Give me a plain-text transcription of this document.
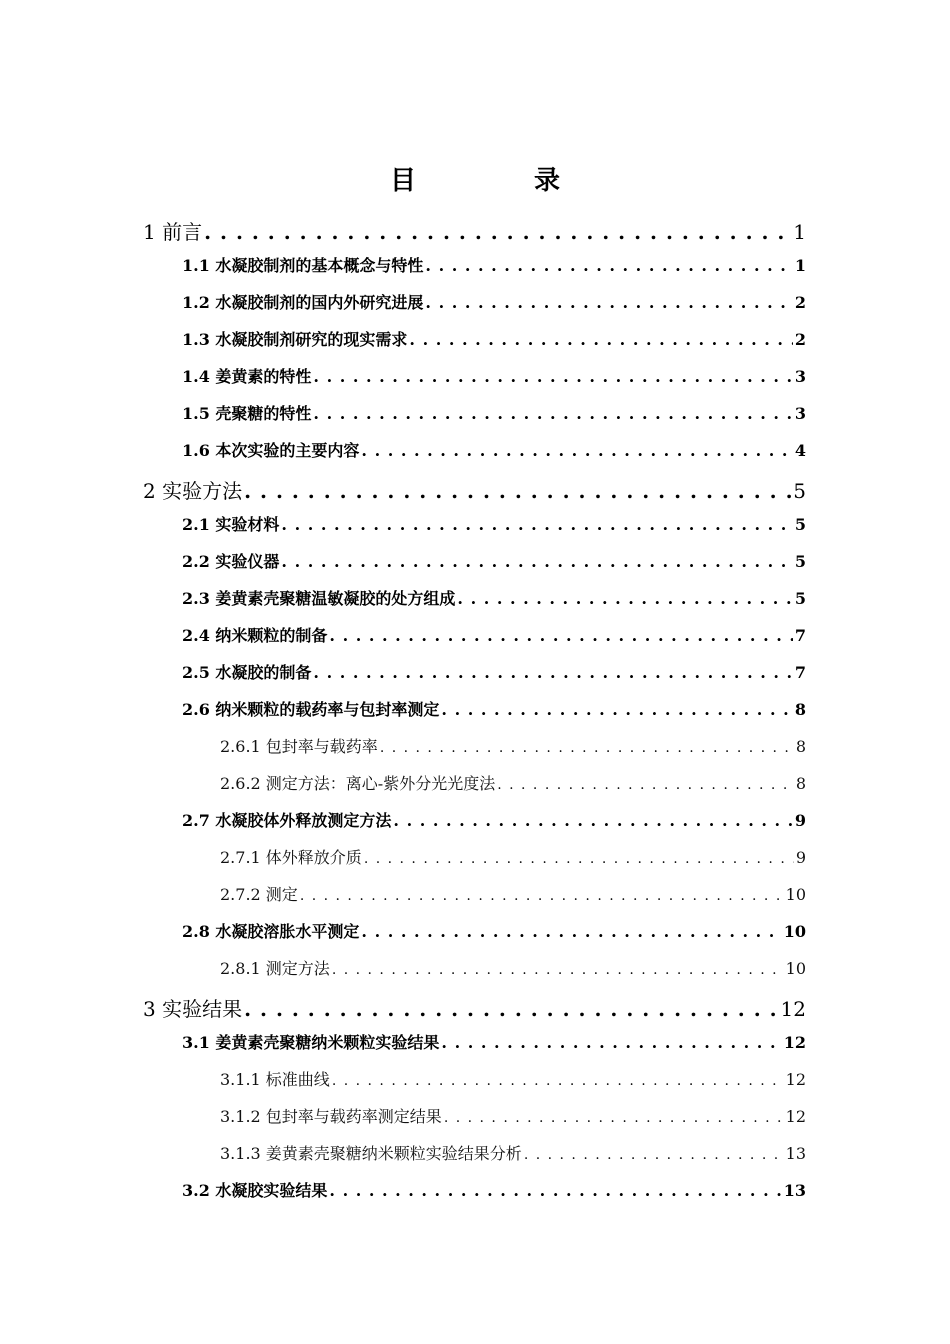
目　录
1 前言 . . .	1
1.1 水凝胶制剂的基本概念与特性 . . .	1
1.2 水凝胶制剂的国内外研究进展 . . .	2
1.3 水凝胶制剂研究的现实需求 . . .	2
1.4 姜黄素的特性 . . .	3
1.5 壳聚糖的特性 . . .	3
1.6 本次实验的主要内容 . . .	4
2 实验方法 . . .	5
2.1 实验材料 . . .	5
2.2 实验仪器 . . .	5
2.3 姜黄素壳聚糖温敏凝胶的处方组成 . . .	5
2.4 纳米颗粒的制备 . . .	7
2.5 水凝胶的制备 . . .	7
2.6 纳米颗粒的载药率与包封率测定 . . .	8
2.6.1 包封率与载药率 . . .	8
2.6.2 测定方法：离心-紫外分光光度法 . . .	8
2.7 水凝胶体外释放测定方法 . . .	9
2.7.1 体外释放介质 . . .	9
2.7.2 测定 . . .	10
2.8 水凝胶溶胀水平测定 . . .	10
2.8.1 测定方法 . . .	10
3 实验结果 . . .	12
3.1 姜黄素壳聚糖纳米颗粒实验结果 . . .	12
3.1.1 标准曲线 . . .	12
3.1.2 包封率与载药率测定结果 . . .	12
3.1.3 姜黄素壳聚糖纳米颗粒实验结果分析 . . .	13
3.2 水凝胶实验结果 . . .	13
